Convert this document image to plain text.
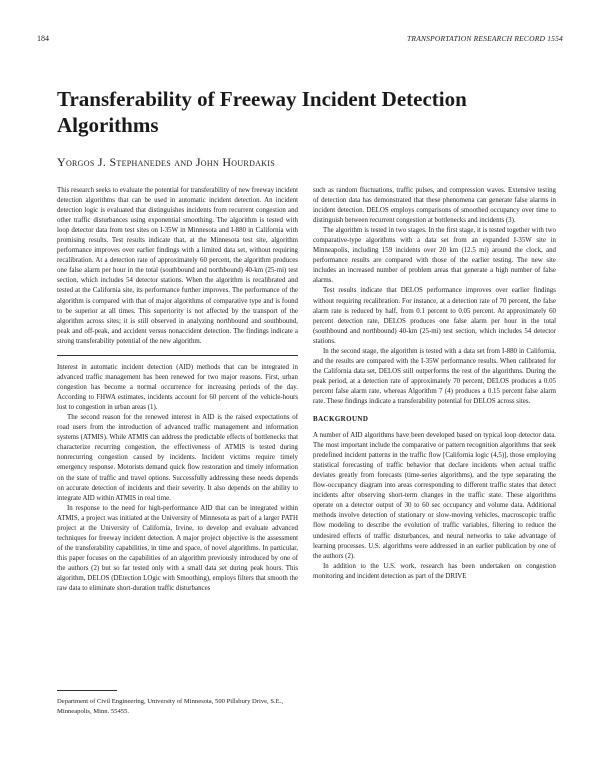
184	TRANSPORTATION RESEARCH RECORD 1554
Transferability of Freeway Incident Detection Algorithms

Yorgos J. Stephanedes and John Hourdakis

This research seeks to evaluate the potential for transferability of new freeway incident detection algorithms that can be used in automatic incident detection. An incident detection logic is evaluated that distinguishes incidents from recurrent congestion and other traffic disturbances using exponential smoothing. The algorithm is tested with loop detector data from test sites on I-35W in Minnesota and I-880 in California with promising results. Test results indicate that, at the Minnesota test site, algorithm performance improves over earlier findings with a limited data set, without requiring recalibration. At a detection rate of approximately 60 percent, the algorithm produces one false alarm per hour in the total (southbound and northbound) 40-km (25-mi) test section, which includes 54 detector stations. When the algorithm is recalibrated and tested at the California site, its performance further improves. The performance of the algorithm is compared with that of major algorithms of comparative type and is found to be superior at all times. This superiority is not affected by the transport of the algorithm across sites; it is still observed in analyzing northbound and southbound, peak and off-peak, and accident versus nonaccident detection. The findings indicate a strong transferability potential of the new algorithm.

Interest in automatic incident detection (AID) methods that can be integrated in advanced traffic management has been renewed for two major reasons. First, urban congestion has become a normal occurrence for increasing periods of the day. According to FHWA estimates, incidents account for 60 percent of the vehicle-hours lost to congestion in urban areas (1).

The second reason for the renewed interest in AID is the raised expectations of road users from the introduction of advanced traffic management and information systems (ATMIS). While ATMIS can address the predictable effects of bottlenecks that characterize recurring congestion, the effectiveness of ATMIS is tested during nonrecurring congestion caused by incidents. Incident victims require timely emergency response. Motorists demand quick flow restoration and timely information on the state of traffic and travel options. Successfully addressing these needs depends on accurate detection of incidents and their severity. It also depends on the ability to integrate AID within ATMIS in real time.

In response to the need for high-performance AID that can be integrated within ATMIS, a project was initiated at the University of Minnesota as part of a larger PATH project at the University of California, Irvine, to develop and evaluate advanced techniques for freeway incident detection. A major project objective is the assessment of the transferability capabilities, in time and space, of novel algorithms. In particular, this paper focuses on the capabilities of an algorithm previously introduced by one of the authors (2) but so far tested only with a small data set during peak hours. This algorithm, DELOS (DEtection LOgic with Smoothing), employs filters that smooth the raw data to eliminate short-duration traffic disturbances

Department of Civil Engineering, University of Minnesota, 500 Pillsbury Drive, S.E., Minneapolis, Minn. 55455.

such as random fluctuations, traffic pulses, and compression waves. Extensive testing of detection data has demonstrated that these phenomena can generate false alarms in incident detection. DELOS employs comparisons of smoothed occupancy over time to distinguish between recurrent congestion at bottlenecks and incidents (3).

The algorithm is tested in two stages. In the first stage, it is tested together with two comparative-type algorithms with a data set from an expanded I-35W site in Minneapolis, including 159 incidents over 20 km (12.5 mi) around the clock, and performance results are compared with those of the earlier testing. The new site includes an increased number of problem areas that generate a high number of false alarms.

Test results indicate that DELOS performance improves over earlier findings without requiring recalibration. For instance, at a detection rate of 70 percent, the false alarm rate is reduced by half, from 0.1 percent to 0.05 percent. At approximately 60 percent detection rate, DELOS produces one false alarm per hour in the total (southbound and northbound) 40-km (25-mi) test section, which includes 54 detector stations.

In the second stage, the algorithm is tested with a data set from I-880 in California, and the results are compared with the I-35W performance results. When calibrated for the California data set, DELOS still outperforms the rest of the algorithms. During the peak period, at a detection rate of approximately 70 percent, DELOS produces a 0.05 percent false alarm rate, whereas Algorithm 7 (4) produces a 0.15 percent false alarm rate. These findings indicate a transferability potential for DELOS across sites.

BACKGROUND

A number of AID algorithms have been developed based on typical loop detector data. The most important include the comparative or pattern recognition algorithms that seek predefined incident patterns in the traffic flow [California logic (4,5)], those employing statistical forecasting of traffic behavior that declare incidents when actual traffic deviates greatly from forecasts (time-series algorithms), and the type separating the flow-occupancy diagram into areas corresponding to different traffic states that detect incidents after observing short-term changes in the traffic state. These algorithms operate on a detector output of 30 to 60 sec occupancy and volume data. Additional methods involve detection of stationary or slow-moving vehicles, macroscopic traffic flow modeling to describe the evolution of traffic variables, filtering to reduce the undesired effects of traffic disturbances, and neural networks to take advantage of learning processes. U.S. algorithms were addressed in an earlier publication by one of the authors (2).

In addition to the U.S. work, research has been undertaken on congestion monitoring and incident detection as part of the DRIVE
